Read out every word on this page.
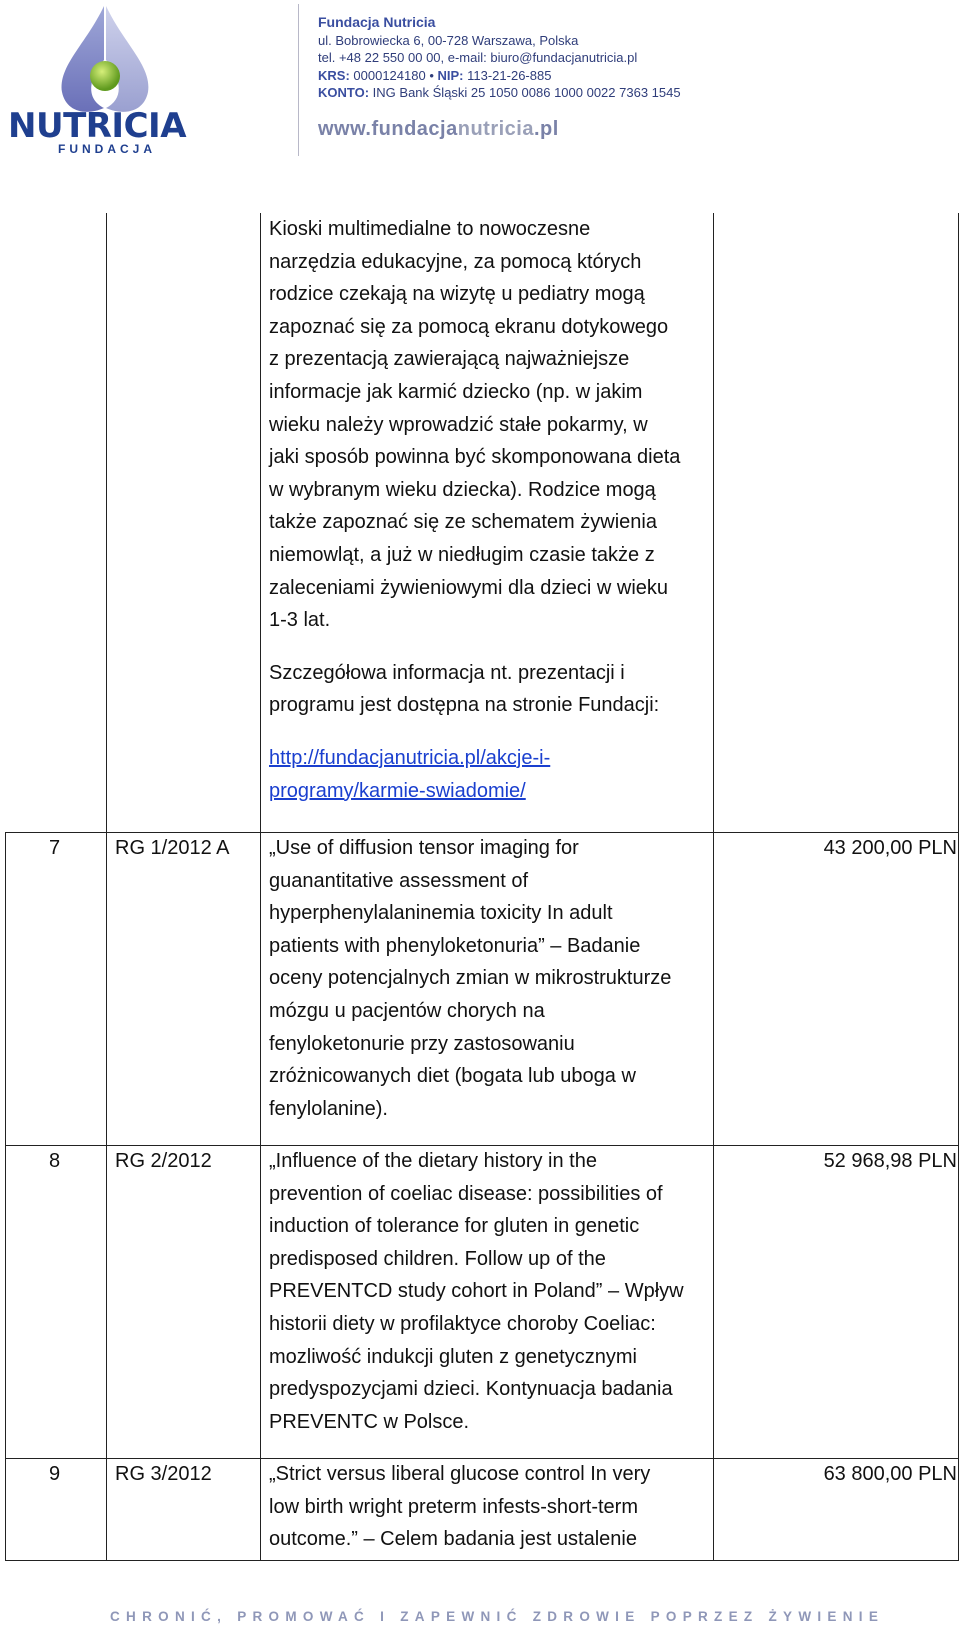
NUTRICIA
FUNDACJA
Fundacja Nutricia
ul. Bobrowiecka 6, 00-728 Warszawa, Polska
tel. +48 22 550 00 00, e-mail: biuro@fundacjanutricia.pl
KRS: 0000124180 • NIP: 113-21-26-885
KONTO: ING Bank Śląski 25 1050 0086 1000 0022 7363 1545
www.fundacjanutricia.pl
Kioski multimedialne to nowoczesne
narzędzia edukacyjne, za pomocą których
rodzice czekają na wizytę u pediatry mogą
zapoznać się za pomocą ekranu dotykowego
z prezentacją zawierającą najważniejsze
informacje jak karmić dziecko (np. w jakim
wieku należy wprowadzić stałe pokarmy, w
jaki sposób powinna być skomponowana dieta
w wybranym wieku dziecka). Rodzice mogą
także zapoznać się ze schematem żywienia
niemowląt, a już w niedługim czasie także z
zaleceniami żywieniowymi dla dzieci w wieku
1-3 lat.
Szczegółowa informacja nt. prezentacji i
programu jest dostępna na stronie Fundacji:
http://fundacjanutricia.pl/akcje-i-
programy/karmie-swiadomie/
7	RG 1/2012 A „Use of diffusion tensor imaging for
guanantitative assessment of
hyperphenylalaninemia toxicity In adult
patients with phenyloketonuria” – Badanie
oceny potencjalnych zmian w mikrostrukturze
mózgu u pacjentów chorych na
fenyloketonurie przy zastosowaniu
zróżnicowanych diet (bogata lub uboga w
fenylolanine).
43 200,00 PLN
8	RG 2/2012	„Influence of the dietary history in the
prevention of coeliac disease: possibilities of
induction of tolerance for gluten in genetic
predisposed children. Follow up of the
PREVENTCD study cohort in Poland” – Wpływ
historii diety w profilaktyce choroby Coeliac:
mozliwość indukcji gluten z genetycznymi
predyspozycjami dzieci. Kontynuacja badania
PREVENTC w Polsce.
52 968,98 PLN
9	RG 3/2012	„Strict versus liberal glucose control In very
low birth wright preterm infests-short-term
outcome.” – Celem badania jest ustalenie
63 800,00 PLN
CHRONIĆ, PROMOWAĆ I ZAPEWNIĆ ZDROWIE POPRZEZ ŻYWIENIE
